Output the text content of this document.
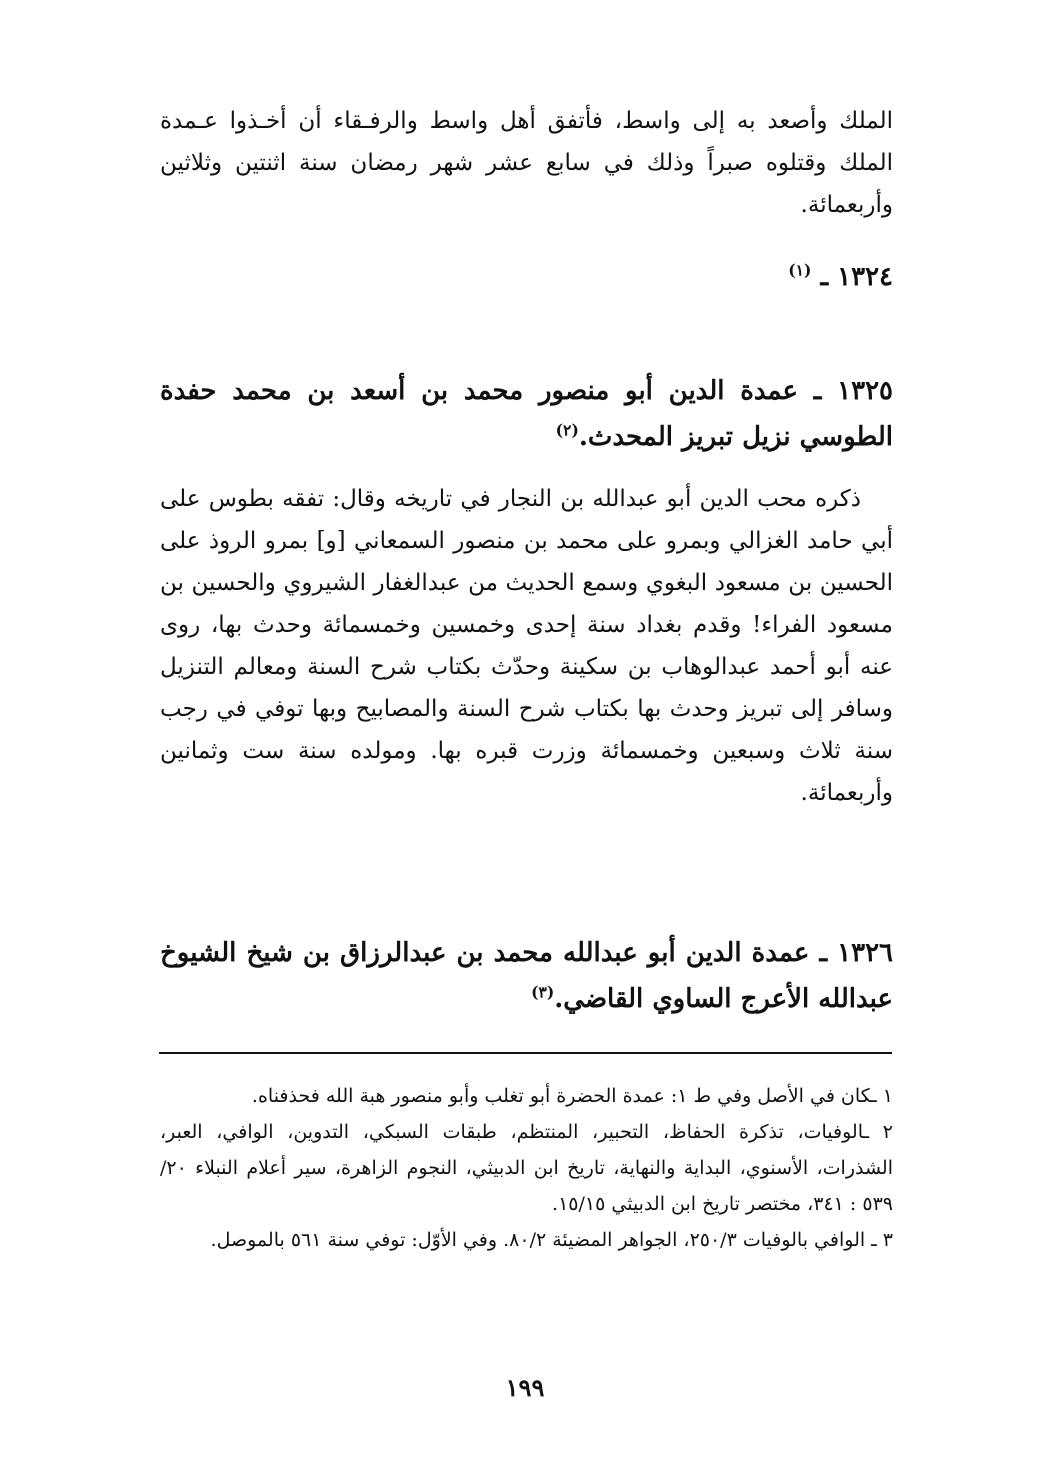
الملك وأصعد به إلى واسط، فأتفق أهل واسط والرفـقاء أن أخـذوا عـمدة الملك وقتلوه صبراً وذلك في سابع عشر شهر رمضان سنة اثنتين وثلاثين وأربعمائة.

١٣٢٤ ـ $^{(١)}$

١٣٢٥ ـ عمدة الدين أبو منصور محمد بن أسعد بن محمد حفدة الطوسي نزيل تبريز المحدث.$^{(٢)}$

ذكره محب الدين أبو عبدالله بن النجار في تاريخه وقال: تفقه بطوس على أبي حامد الغزالي وبمرو على محمد بن منصور السمعاني [و] بمرو الروذ على الحسين بن مسعود البغوي وسمع الحديث من عبدالغفار الشيروي والحسين بن مسعود الفراء! وقدم بغداد سنة إحدى وخمسين وخمسمائة وحدث بها، روى عنه أبو أحمد عبدالوهاب بن سكينة وحدّث بكتاب شرح السنة ومعالم التنزيل وسافر إلى تبريز وحدث بها بكتاب شرح السنة والمصابيح وبها توفي في رجب سنة ثلاث وسبعين وخمسمائة وزرت قبره بها. ومولده سنة ست وثمانين وأربعمائة.

١٣٢٦ ـ عمدة الدين أبو عبدالله محمد بن عبدالرزاق بن شيخ الشيوخ عبدالله الأعرج الساوي القاضي.$^{(٣)}$

١ ـكان في الأصل وفي ط ١: عمدة الحضرة أبو تغلب وأبو منصور هبة الله فحذفناه.

٢ ـالوفيات، تذكرة الحفاظ، التحبير، المنتظم، طبقات السبكي، التدوين، الوافي، العبر، الشذرات، الأسنوي، البداية والنهاية، تاريخ ابن الدبيثي، النجوم الزاهرة، سير أعلام النبلاء ٢٠/ ٥٣٩ : ٣٤١، مختصر تاريخ ابن الدبيثي ١٥/١٥.

٣ ـ الوافي بالوفيات ٢٥٠/٣، الجواهر المضيئة ٨٠/٢. وفي الأوّل: توفي سنة ٥٦١ بالموصل.

١٩٩
